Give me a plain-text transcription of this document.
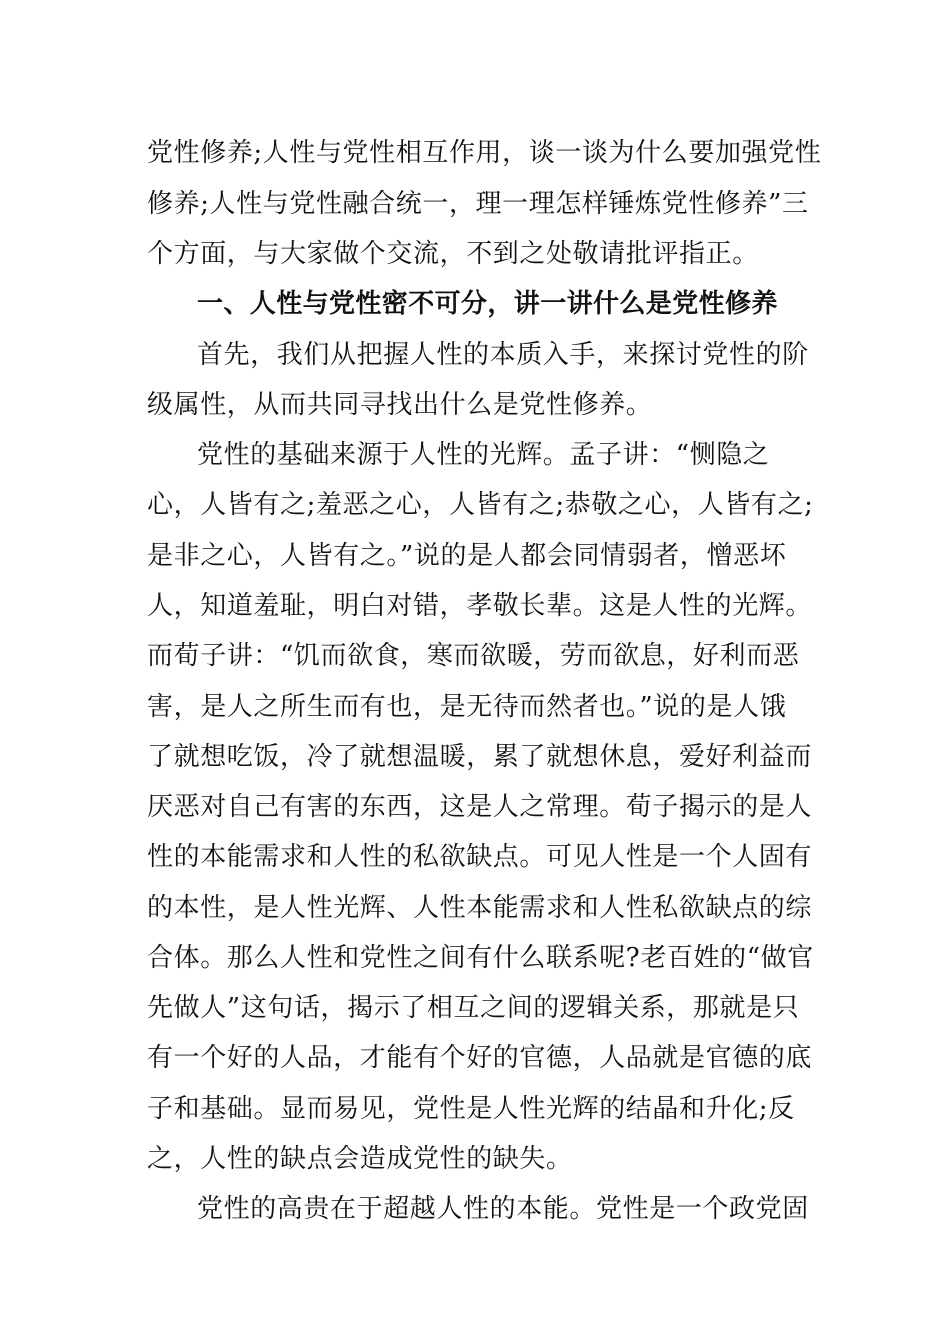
党性修养;人性与党性相互作用，谈一谈为什么要加强党性
修养;人性与党性融合统一，理一理怎样锤炼党性修养”三
个方面，与大家做个交流，不到之处敬请批评指正。
一、人性与党性密不可分，讲一讲什么是党性修养
首先，我们从把握人性的本质入手，来探讨党性的阶
级属性，从而共同寻找出什么是党性修养。
党性的基础来源于人性的光辉。孟子讲：“恻隐之
心，人皆有之;羞恶之心，人皆有之;恭敬之心，人皆有之;
是非之心，人皆有之。”说的是人都会同情弱者，憎恶坏
人，知道羞耻，明白对错，孝敬长辈。这是人性的光辉。
而荀子讲：“饥而欲食，寒而欲暖，劳而欲息，好利而恶
害，是人之所生而有也，是无待而然者也。”说的是人饿
了就想吃饭，冷了就想温暖，累了就想休息，爱好利益而
厌恶对自己有害的东西，这是人之常理。荀子揭示的是人
性的本能需求和人性的私欲缺点。可见人性是一个人固有
的本性，是人性光辉、人性本能需求和人性私欲缺点的综
合体。那么人性和党性之间有什么联系呢?老百姓的“做官
先做人”这句话，揭示了相互之间的逻辑关系，那就是只
有一个好的人品，才能有个好的官德，人品就是官德的底
子和基础。显而易见，党性是人性光辉的结晶和升化;反
之，人性的缺点会造成党性的缺失。
党性的高贵在于超越人性的本能。党性是一个政党固
